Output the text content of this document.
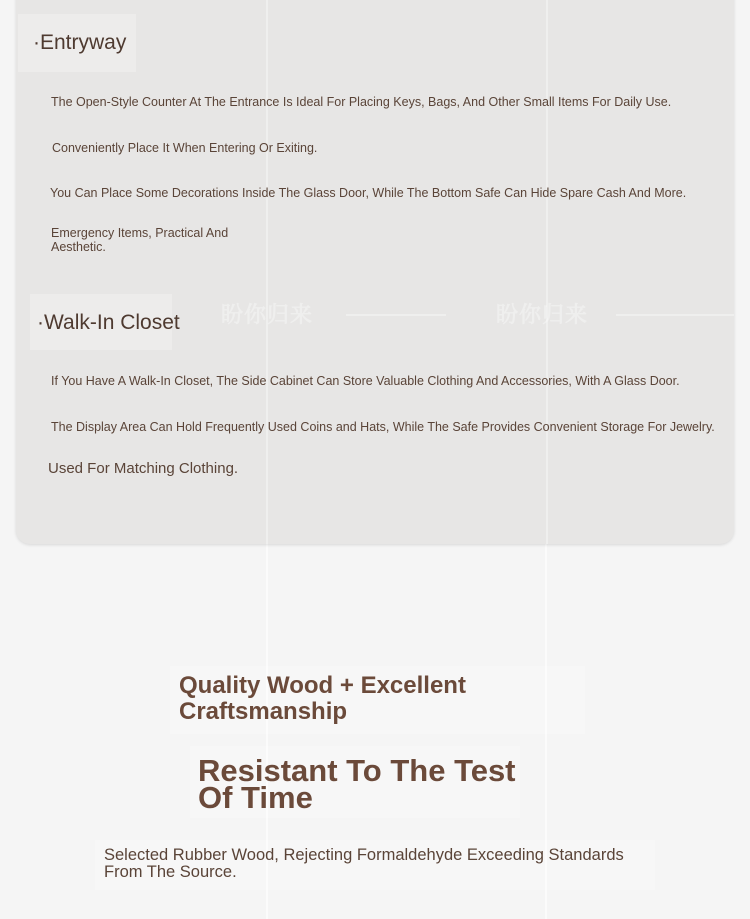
盼你归来	盼你归来
·Entryway
The Open-Style Counter At The Entrance Is Ideal For Placing Keys, Bags, And Other Small Items For Daily Use.
Conveniently Place It When Entering Or Exiting.
You Can Place Some Decorations Inside The Glass Door, While The Bottom Safe Can Hide Spare Cash And More.
Emergency Items, Practical And Aesthetic.
·Walk-In Closet
If You Have A Walk-In Closet, The Side Cabinet Can Store Valuable Clothing And Accessories, With A Glass Door.
The Display Area Can Hold Frequently Used Coins and Hats, While The Safe Provides Convenient Storage For Jewelry.
Used For Matching Clothing.
Quality Wood + Excellent Craftsmanship
Resistant To The Test Of Time
Selected Rubber Wood, Rejecting Formaldehyde Exceeding Standards From The Source.
